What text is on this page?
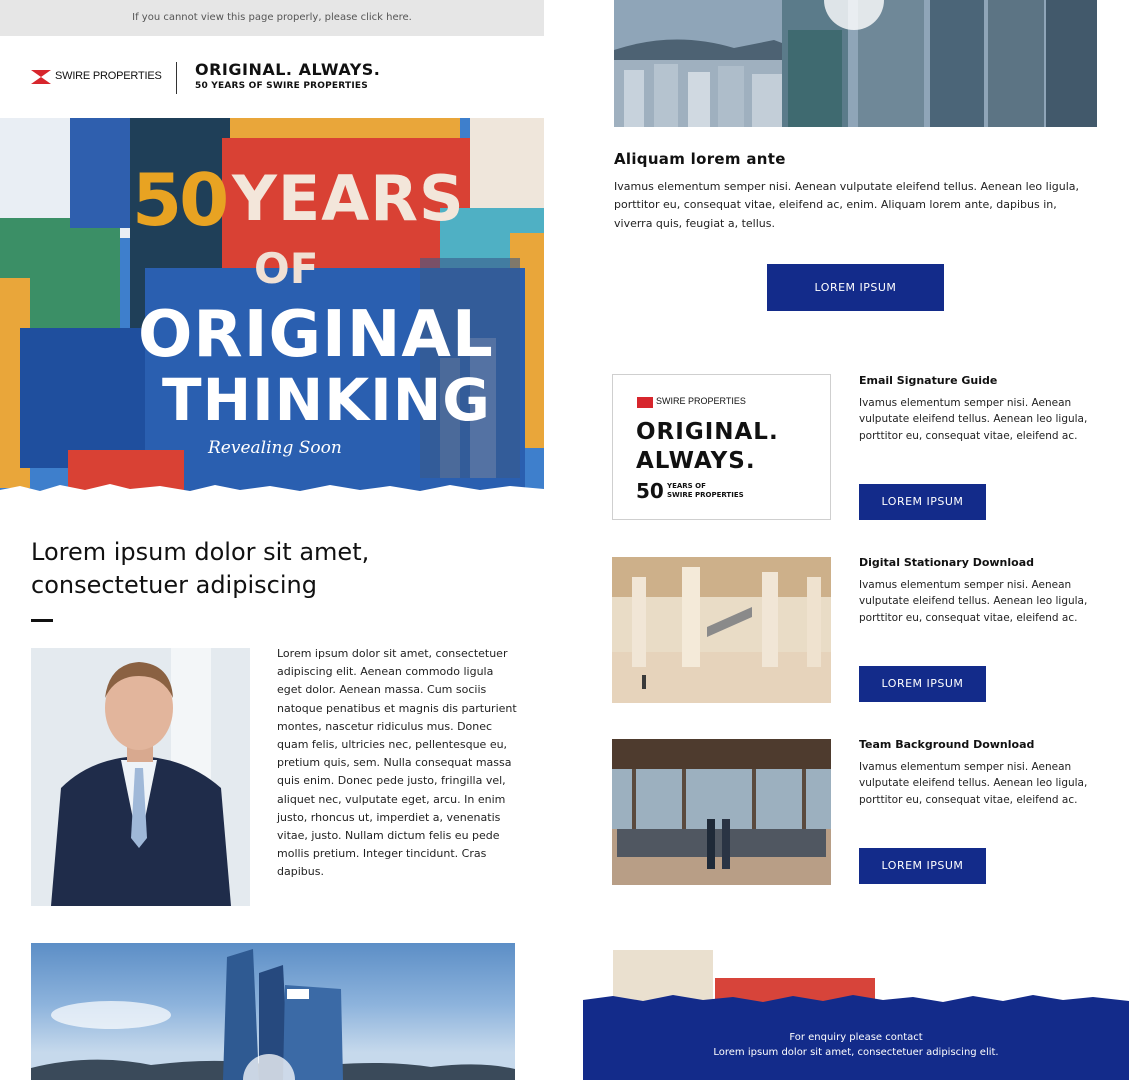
If you cannot view this page properly, please click here.
SWIRE PROPERTIES ORIGINAL. ALWAYS.
50 YEARS OF SWIRE PROPERTIES
50 YEARS
OF
ORIGINAL
THINKING
Revealing Soon
Lorem ipsum dolor sit amet, consectetuer adipiscing
Lorem ipsum dolor sit amet, consectetuer adipiscing elit. Aenean commodo ligula eget dolor. Aenean massa. Cum sociis natoque penatibus et magnis dis parturient montes, nascetur ridiculus mus. Donec quam felis, ultricies nec, pellentesque eu, pretium quis, sem. Nulla consequat massa quis enim. Donec pede justo, fringilla vel, aliquet nec, vulputate eget, arcu. In enim justo, rhoncus ut, imperdiet a, venenatis vitae, justo. Nullam dictum felis eu pede mollis pretium. Integer tincidunt. Cras dapibus.
Aliquam lorem ante
Ivamus elementum semper nisi. Aenean vulputate eleifend tellus. Aenean leo ligula, porttitor eu, consequat vitae, eleifend ac, enim. Aliquam lorem ante, dapibus in, viverra quis, feugiat a, tellus.
LOREM IPSUM
SWIRE PROPERTIES
ORIGINAL.
ALWAYS.
50 YEARS OF
SWIRE PROPERTIES
Email Signature Guide
Ivamus elementum semper nisi. Aenean vulputate eleifend tellus. Aenean leo ligula, porttitor eu, consequat vitae, eleifend ac.
LOREM IPSUM
Digital Stationary Download
Ivamus elementum semper nisi. Aenean vulputate eleifend tellus. Aenean leo ligula, porttitor eu, consequat vitae, eleifend ac.
LOREM IPSUM
Team Background Download
Ivamus elementum semper nisi. Aenean vulputate eleifend tellus. Aenean leo ligula, porttitor eu, consequat vitae, eleifend ac.
LOREM IPSUM
For enquiry please contact
Lorem ipsum dolor sit amet, consectetuer adipiscing elit.
